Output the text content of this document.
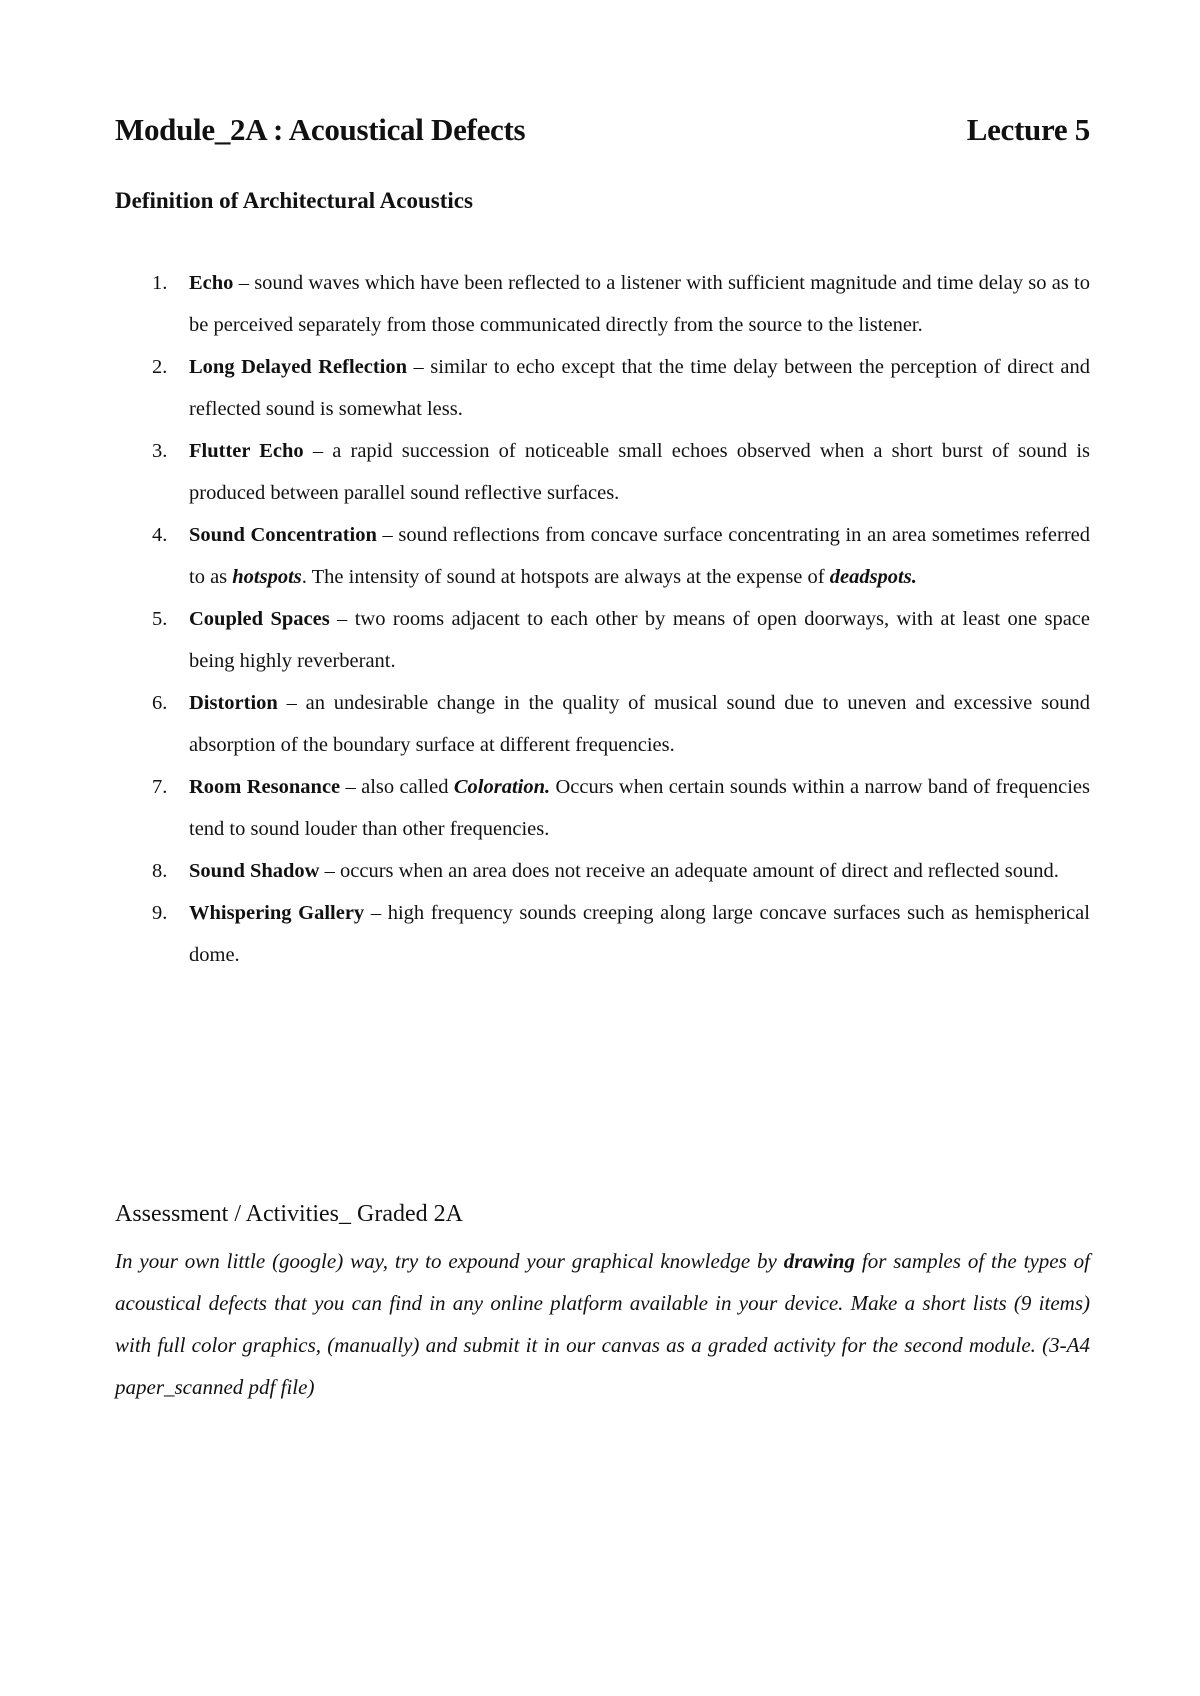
Module_2A : Acoustical Defects	Lecture 5
Definition of Architectural Acoustics
1. Echo – sound waves which have been reflected to a listener with sufficient magnitude and time delay so as to be perceived separately from those communicated directly from the source to the listener.
2. Long Delayed Reflection – similar to echo except that the time delay between the perception of direct and reflected sound is somewhat less.
3. Flutter Echo – a rapid succession of noticeable small echoes observed when a short burst of sound is produced between parallel sound reflective surfaces.
4. Sound Concentration – sound reflections from concave surface concentrating in an area sometimes referred to as hotspots. The intensity of sound at hotspots are always at the expense of deadspots.
5. Coupled Spaces – two rooms adjacent to each other by means of open doorways, with at least one space being highly reverberant.
6. Distortion – an undesirable change in the quality of musical sound due to uneven and excessive sound absorption of the boundary surface at different frequencies.
7. Room Resonance – also called Coloration. Occurs when certain sounds within a narrow band of frequencies tend to sound louder than other frequencies.
8. Sound Shadow – occurs when an area does not receive an adequate amount of direct and reflected sound.
9. Whispering Gallery – high frequency sounds creeping along large concave surfaces such as hemispherical dome.
Assessment / Activities_ Graded 2A

In your own little (google) way, try to expound your graphical knowledge by drawing for samples of the types of acoustical defects that you can find in any online platform available in your device. Make a short lists (9 items) with full color graphics, (manually) and submit it in our canvas as a graded activity for the second module. (3-A4 paper_scanned pdf file)
